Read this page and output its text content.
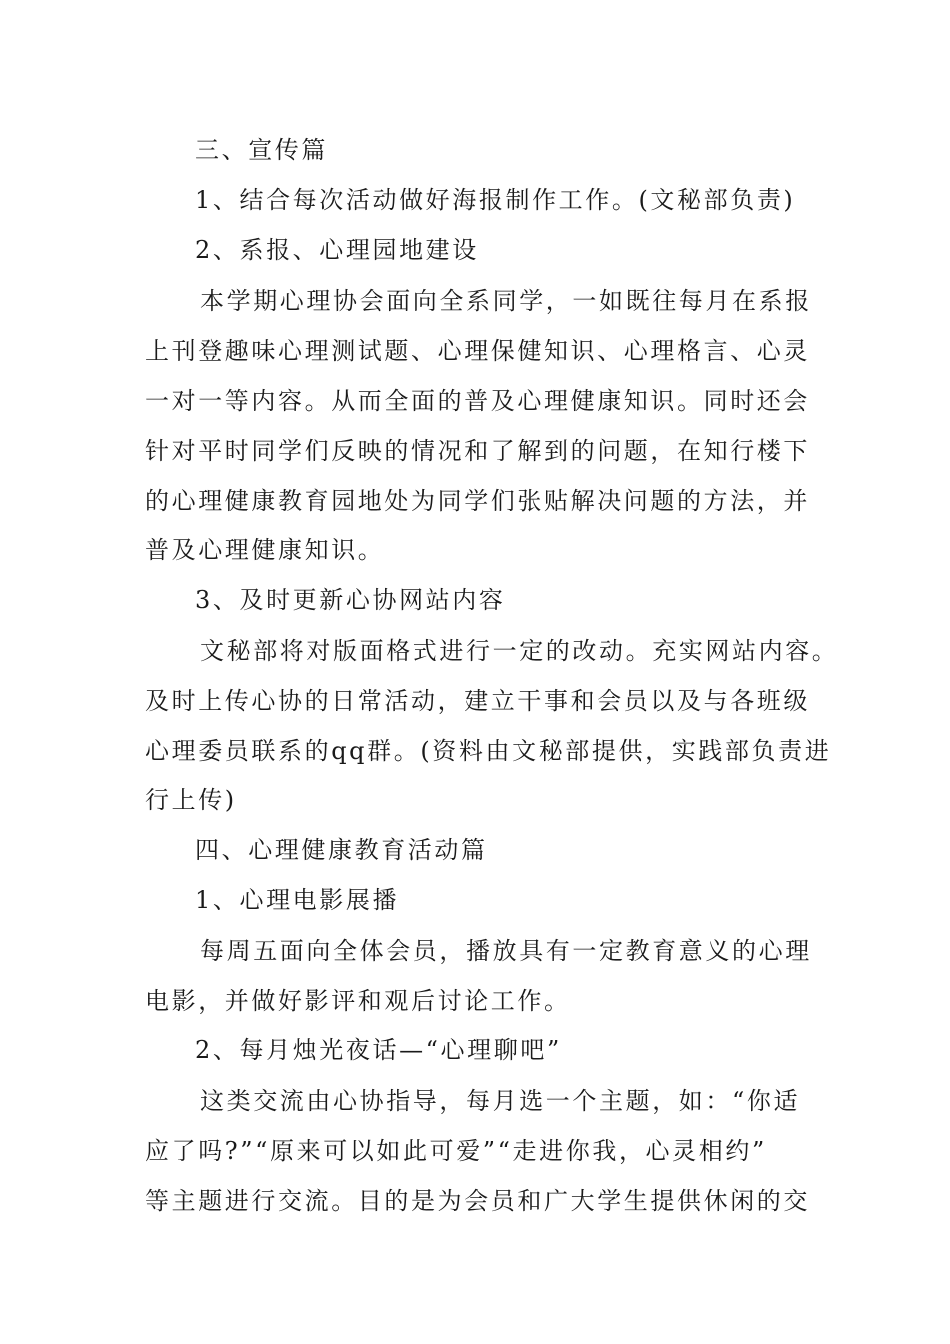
三、宣传篇
1、结合每次活动做好海报制作工作。(文秘部负责)
2、系报、心理园地建设
本学期心理协会面向全系同学，一如既往每月在系报
上刊登趣味心理测试题、心理保健知识、心理格言、心灵
一对一等内容。从而全面的普及心理健康知识。同时还会
针对平时同学们反映的情况和了解到的问题，在知行楼下
的心理健康教育园地处为同学们张贴解决问题的方法，并
普及心理健康知识。
3、及时更新心协网站内容
文秘部将对版面格式进行一定的改动。充实网站内容。
及时上传心协的日常活动，建立干事和会员以及与各班级
心理委员联系的qq群。(资料由文秘部提供，实践部负责进
行上传)
四、心理健康教育活动篇
1、心理电影展播
每周五面向全体会员，播放具有一定教育意义的心理
电影，并做好影评和观后讨论工作。
2、每月烛光夜话—“心理聊吧”
这类交流由心协指导，每月选一个主题，如：“你适
应了吗?”“原来可以如此可爱”“走进你我，心灵相约”
等主题进行交流。目的是为会员和广大学生提供休闲的交
